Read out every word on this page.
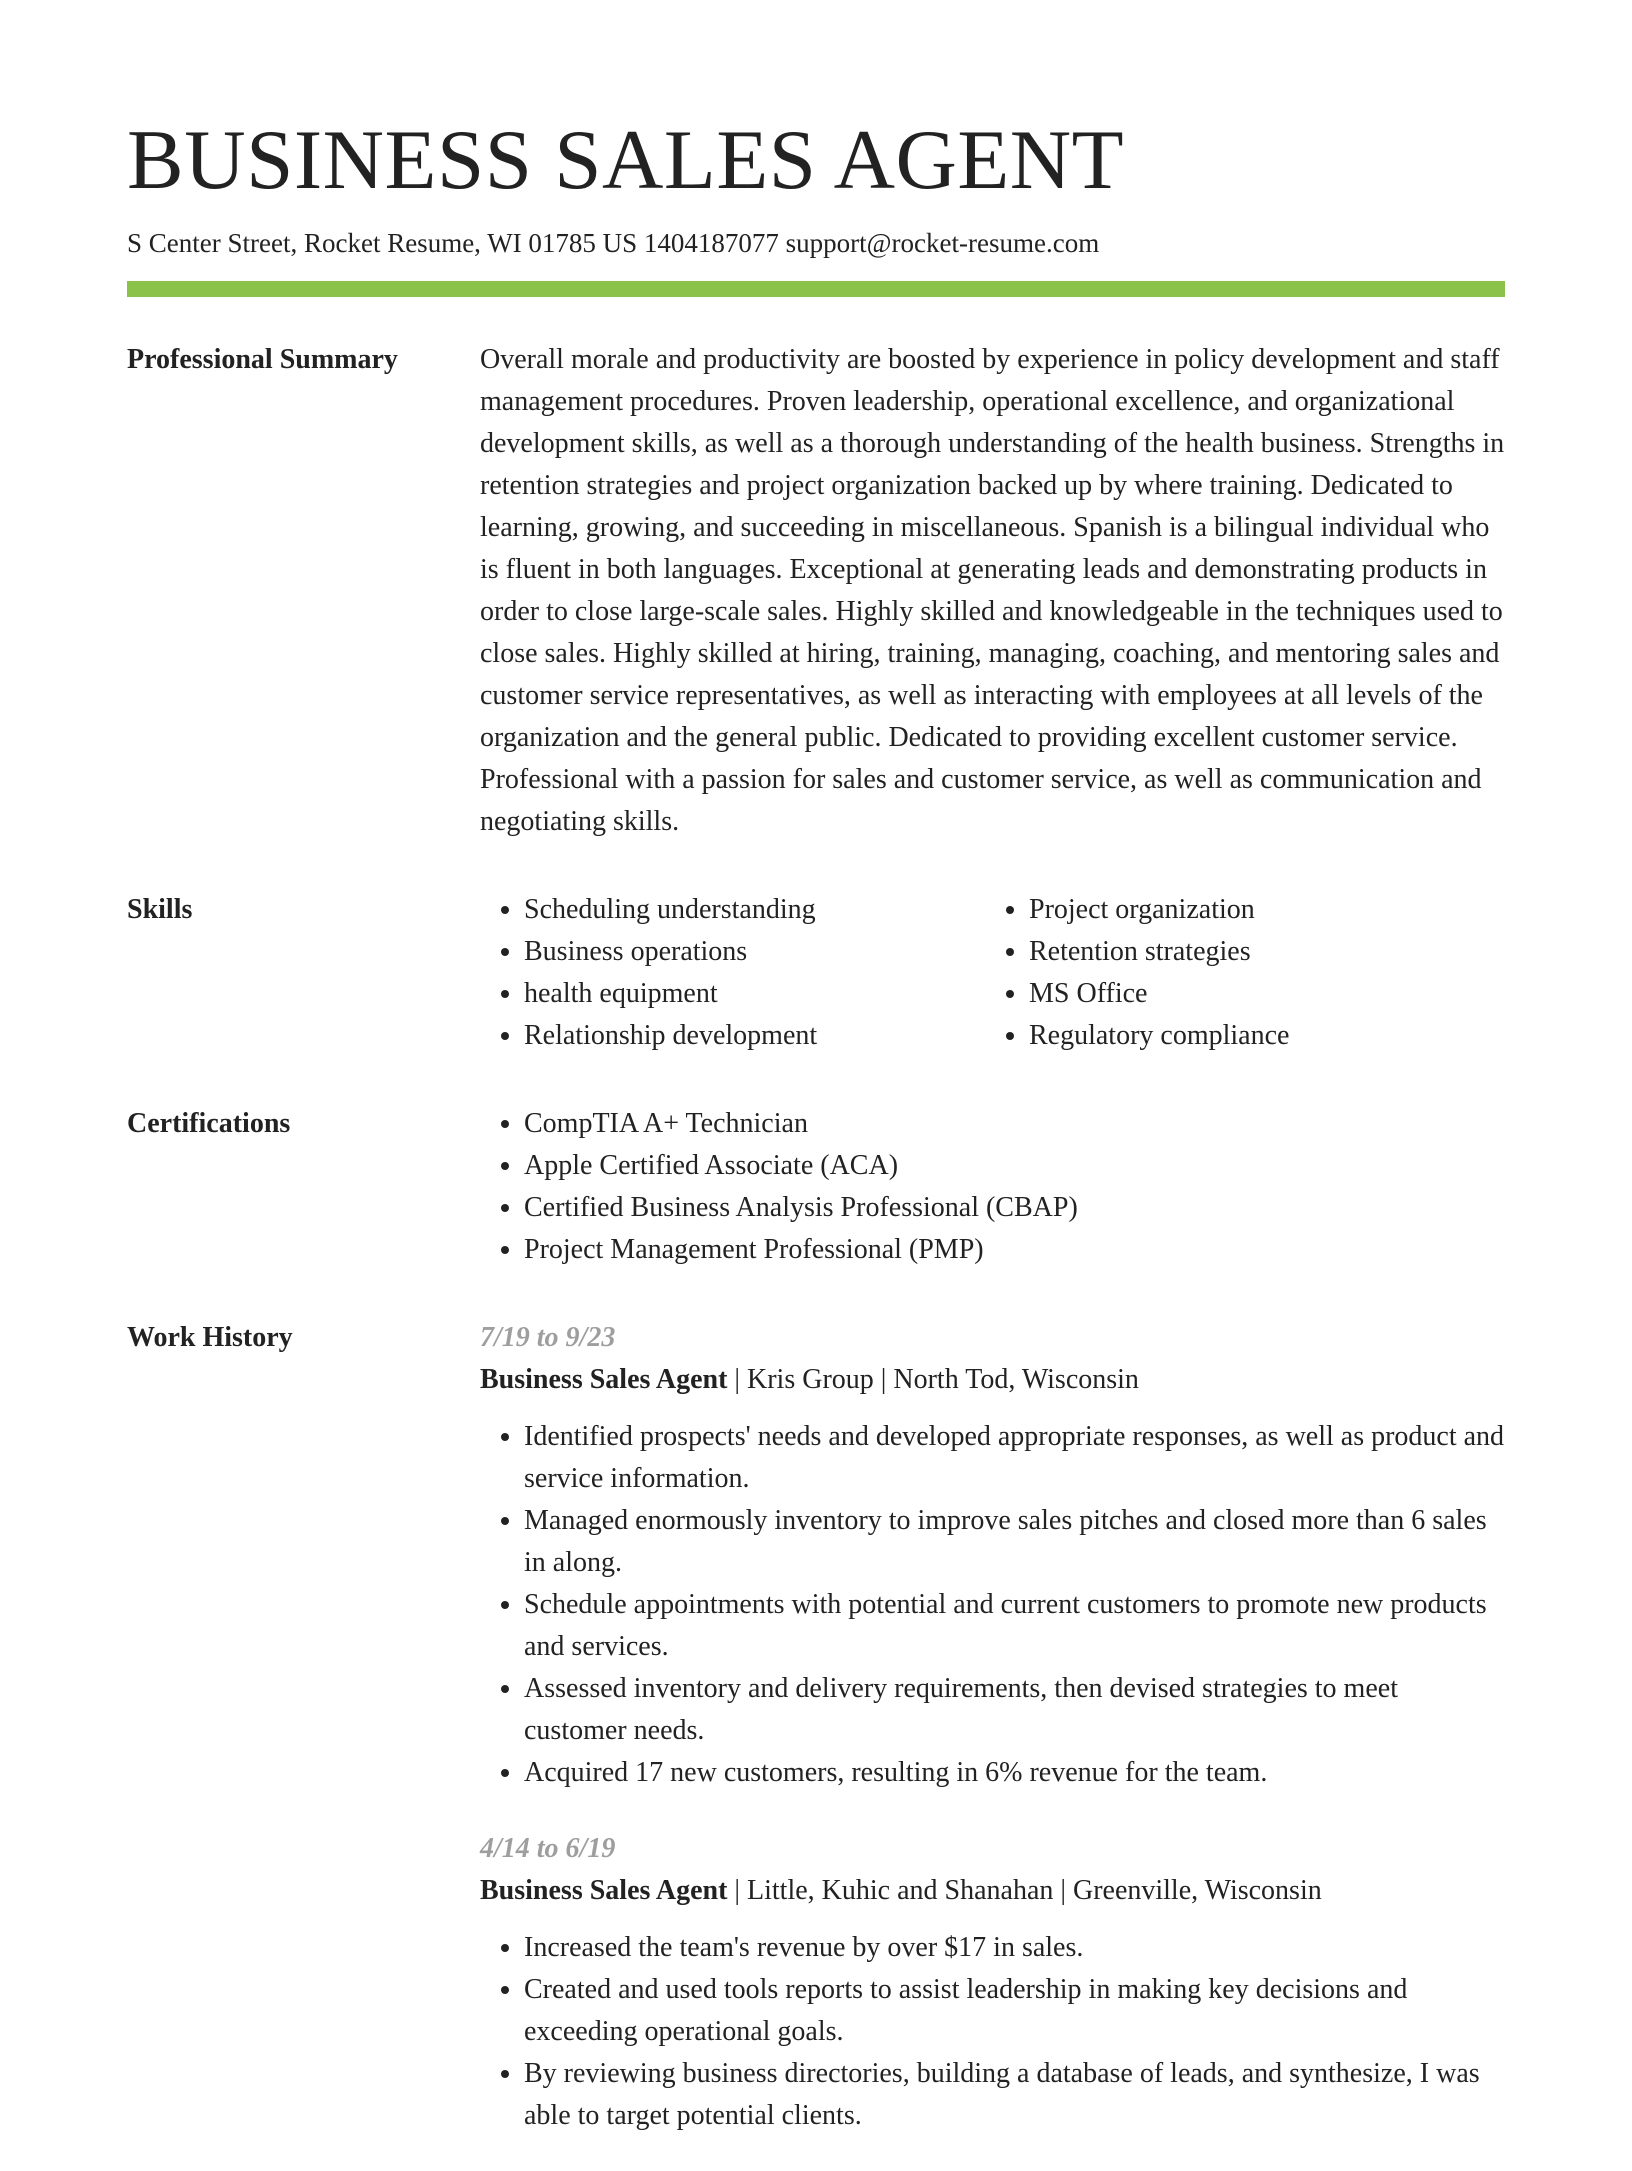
BUSINESS SALES AGENT
S Center Street, Rocket Resume, WI 01785 US 1404187077 support@rocket-resume.com
Professional Summary	Overall morale and productivity are boosted by experience in policy development and staff management procedures. Proven leadership, operational excellence, and organizational development skills, as well as a thorough understanding of the health business. Strengths in retention strategies and project organization backed up by where training. Dedicated to learning, growing, and succeeding in miscellaneous. Spanish is a bilingual individual who is fluent in both languages. Exceptional at generating leads and demonstrating products in order to close large-scale sales. Highly skilled and knowledgeable in the techniques used to close sales. Highly skilled at hiring, training, managing, coaching, and mentoring sales and customer service representatives, as well as interacting with employees at all levels of the organization and the general public. Dedicated to providing excellent customer service. Professional with a passion for sales and customer service, as well as communication and negotiating skills.

Skills	• Scheduling understanding
• Business operations
• health equipment
• Relationship development
• Project organization
• Retention strategies
• MS Office
• Regulatory compliance
Certifications	• CompTIA A+ Technician
• Apple Certified Associate (ACA)
• Certified Business Analysis Professional (CBAP)
• Project Management Professional (PMP)
Work History	7/19 to 9/23
Business Sales Agent | Kris Group | North Tod, Wisconsin
• Identified prospects' needs and developed appropriate responses, as well as product and service information.
• Managed enormously inventory to improve sales pitches and closed more than 6 sales in along.
• Schedule appointments with potential and current customers to promote new products and services.
• Assessed inventory and delivery requirements, then devised strategies to meet customer needs.
• Acquired 17 new customers, resulting in 6% revenue for the team.
4/14 to 6/19
Business Sales Agent | Little, Kuhic and Shanahan | Greenville, Wisconsin
• Increased the team's revenue by over $17 in sales.
• Created and used tools reports to assist leadership in making key decisions and exceeding operational goals.
• By reviewing business directories, building a database of leads, and synthesize, I was able to target potential clients.
